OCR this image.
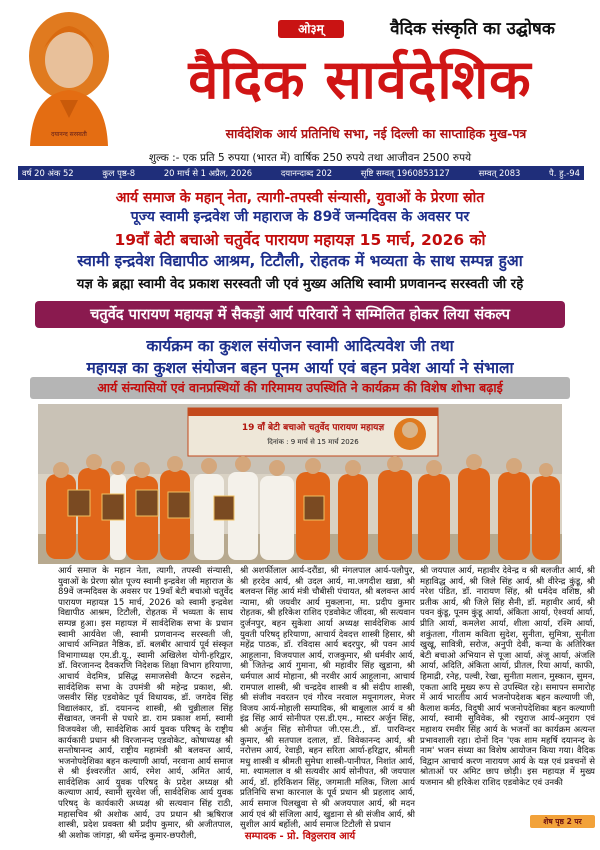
दयानन्द सरस्वती
ओ३म्	वैदिक संस्कृति का उद्घोषक
वैदिक सार्वदेशिक
सार्वदेशिक आर्य प्रतिनिधि सभा, नई दिल्ली का साप्ताहिक मुख-पत्र
शुल्क :- एक प्रति 5 रुपया (भारत में) वार्षिक 250 रुपये तथा आजीवन 2500 रुपये
वर्ष 20 अंक 52	कुल पृष्ठ-8	20 मार्च से 1 अप्रैल, 2026	दयानन्दाब्द 202	सृष्टि सम्वत् 1960853127	सम्वत् 2083	पै. हु.-94
आर्य समाज के महान् नेता, त्यागी-तपस्वी संन्यासी, युवाओं के प्रेरणा स्रोत
पूज्य स्वामी इन्द्रवेश जी महाराज के 89वें जन्मदिवस के अवसर पर
19वाँ बेटी बचाओ चतुर्वेद पारायण महायज्ञ 15 मार्च, 2026 को
स्वामी इन्द्रवेश विद्यापीठ आश्रम, टिटौली, रोहतक में भव्यता के साथ सम्पन्न हुआ
यज्ञ के ब्रह्मा स्वामी वेद प्रकाश सरस्वती जी एवं मुख्य अतिथि स्वामी प्रणवानन्द सरस्वती जी रहे
चतुर्वेद पारायण महायज्ञ में सैकड़ों आर्य परिवारों ने सम्मिलित होकर लिया संकल्प
कार्यक्रम का कुशल संयोजन स्वामी आदित्यवेश जी तथा
महायज्ञ का कुशल संयोजन बहन पूनम आर्या एवं बहन प्रवेश आर्या ने संभाला
आर्य संन्यासियों एवं वानप्रस्थियों की गरिमामय उपस्थिति ने कार्यक्रम की विशेष शोभा बढ़ाई
19 वाँ बेटी बचाओ चतुर्वेद पारायण महायज्ञ
दिनांक : 9 मार्च से 15 मार्च 2026
आर्य समाज के महान नेता, त्यागी, तपस्वी संन्यासी, युवाओं के प्रेरणा स्रोत पूज्य स्वामी इन्द्रवेश जी महाराज के 89वें जन्मदिवस के अवसर पर 19वाँ बेटी बचाओ चतुर्वेद पारायण महायज्ञ 15 मार्च, 2026 को स्वामी इन्द्रवेश विद्यापीठ आश्रम, टिटौली, रोहतक में भव्यता के साथ सम्पन्न हुआ। इस महायज्ञ में सार्वदेशिक सभा के प्रधान स्वामी आर्यवेश जी, स्वामी प्रणवानन्द सरस्वती जी, आचार्य अग्निव्रत नैष्ठिक, डॉ. बलबीर आचार्य पूर्व संस्कृत विभागाध्यक्ष एम.डी.यू., स्वामी अखिलेश योगी-हरिद्वार, डॉ. विरजानन्द दैवकरणि निदेशक शिक्षा विभाग हरियाणा, आचार्य वेदमित्र, प्रसिद्ध समाजसेवी कैप्टन रुद्रसेन, सार्वदेशिक सभा के उपमंत्री श्री महेन्द्र प्रकाश, श्री. जसवीर सिंह एडवोकेट पूर्व विधायक, डॉ. जगदेव सिंह विद्यालंकार, डॉ. दयानन्द शास्त्री, श्री चुन्नीलाल सिंह सैंखावत, जननी से पधारे डा. राम प्रकाश शर्मा, स्वामी विजयवेश जी, सार्वदेशिक आर्य युवक परिषद् के राष्ट्रीय कार्यकारी प्रधान श्री विरजानन्द एडवोकेट, कोषाध्यक्ष श्री सन्तोषानन्द आर्य, राष्ट्रीय महामंत्री श्री बलवन्त आर्य, भजनोपदेशिका बहन कल्याणी आर्या, नरवाना आर्य समाज से श्री ईश्वरजीत आर्य, रमेश आर्य, अमित आर्य, सार्वदेशिक आर्य युवक परिषद् के प्रदेश अध्यक्ष श्री कल्याण आर्य, स्वामी सुरवेश जी, सार्वदेशिक आर्य युवक परिषद् के कार्यकारी अध्यक्ष श्री सत्यवान सिंह राठी, महासचिव श्री अशोक आर्य, उप प्रधान श्री ऋषिराज शास्त्री, प्रदेश प्रवक्ता श्री प्रदीप कुमार, श्री अजीतपाल, श्री अशोक जांगड़ा, श्री धर्मेन्द्र कुमार-छपरौली,
श्री अशर्फीलाल आर्य-दरौंडा, श्री मंगलपाल आर्य-पलौपुर, श्री हरदेव आर्य, श्री उदल आर्य, मा.जगदीश खन्ना, श्री बलवन्त सिंह आर्य मंत्री चौबीसी पंचायत, श्री बलवन्त आर्य न्यामा, श्री जयवीर आर्य मुकलाना, मा. प्रदीप कुमार रोहतक, श्री हरिकेश राशिद एडवोकेट जींदवा, श्री सत्यवान दुर्जनपुर, बहन सुकेशा आर्या अध्यक्ष सार्वदेशिक आर्य युवती परिषद् हरियाणा, आचार्य देवदत्त शास्त्री हिसार, श्री महेंद्र पाठक, डॉ. रविदास आर्य बदरपुर, श्री पवन आर्य आहूलाना, विजयपाल आर्य, राजकुमार, श्री धर्मवीर आर्य, श्री जितेन्द्र आर्य गुमाना, श्री महावीर सिंह खुडाना, श्री धर्मपाल आर्य मोहाना, श्री नरवीर आर्य आहूलाना, आचार्य रामपाल शास्त्री, श्री चन्द्रदेव शास्त्री व श्री संदीप शास्त्री, श्री संजीव नवरतन एवं गौरव नरवाल मयूनागलर, मेजर विजय आर्य-मोहाली सम्पादिक, श्री बाबूलाल आर्य व श्री इंद्र सिंह आर्य सोनीपत एस.डी.एम., मास्टर अर्जुन सिंह, श्री अर्जुन सिंह सोनीपत जी.एस.टी., डॉ. पारविन्दर कुमार, श्री सतपाल दलाल, डॉ. विवेकानन्द आर्य, श्री नरोत्तम आर्य, रेवाड़ी, बहन सरिता आर्या-हरिद्वार, श्रीमती मधु शास्त्री व श्रीमती सुमेधा शास्त्री-पानीपत, निशांत आर्य, मा. श्यामलाल व श्री सत्यवीर आर्य सोनीपत, श्री जयपाल आर्य, डॉ. हरिकिशन सिंह, जगमाती मलिक, जिला आर्य प्रतिनिधि सभा कारनाल के पूर्व प्रधान श्री प्रहलाद आर्य, आर्य समाज पिलखुवा से श्री अजयपाल आर्य, श्री मदन आर्य एवं श्री संजिला आर्य, खुडाना से श्री संजीव आर्य, श्री सुशील आर्य बर्होली, आर्य समाज टिटौली से प्रधान
श्री जयपाल आर्य, महावीर देवेन्द्र व श्री बलजीत आर्य, श्री महाविद्ध आर्य, श्री जिले सिंह आर्य, श्री वीरेन्द्र कुंडू, श्री नरेश पंडित, डॉ. नारायण सिंह, श्री धर्मदेव वशिष्ठ, श्री प्रतीक आर्य, श्री जिले सिंह सैनी, डॉ. महावीर आर्य, श्री पवन कुंडू, पूनम कुंडू आर्या, अंकिता आर्या, ऐश्वर्या आर्या, प्रीति आर्या, कमलेश आर्या, शीला आर्या, रश्मि आर्या, शकुंतला, गीताम कविता सुदेश, सुनीता, सुमित्रा, सुनीता खुखू, सावित्री, सरोज, अनुपी देवी, कन्या के अतिरिक्त बेटी बचाओ अभियान से पूजा आर्या, अंजू आर्या, अंजलि आर्या, अदिति, अंकिता आर्या, प्रीतल, रिया आर्या, काफी, हिमाद्री, रनेह, पल्वी, रेखा, सुनीता मलान, मुस्कान, सुमन, एकता आदि मुख्य रूप से उपस्थित रहे। समापन समारोह में आर्य भारतीय आर्य भजनोपदेशक बहन कल्याणी जी, कैलाश कर्मठ, विदुषी आर्य भजनोपदेशिका बहन कल्याणी आर्या, स्वामी सुविवेक, श्री रघुराज आर्य-अनुराग एवं महाशय रमवीर सिंह आर्य के भजनों का कार्यक्रम अत्यन्त प्रभावशाली रहा। दोनों दिन 'एक शाम महर्षि दयानन्द के नाम' भजन संध्या का विशेष आयोजन किया गया। वैदिक विद्वान आचार्य करण नारायण आर्य के यज्ञ एवं प्रवचनों से श्रोताओं पर अमिट छाप छोड़ी। इस महायज्ञ में मुख्य यजमान श्री हरिकेश राशिद एडवोकेट एवं उनकी
शेष पृष्ठ 2 पर
सम्पादक - प्रो. विठ्ठलराव आर्य
